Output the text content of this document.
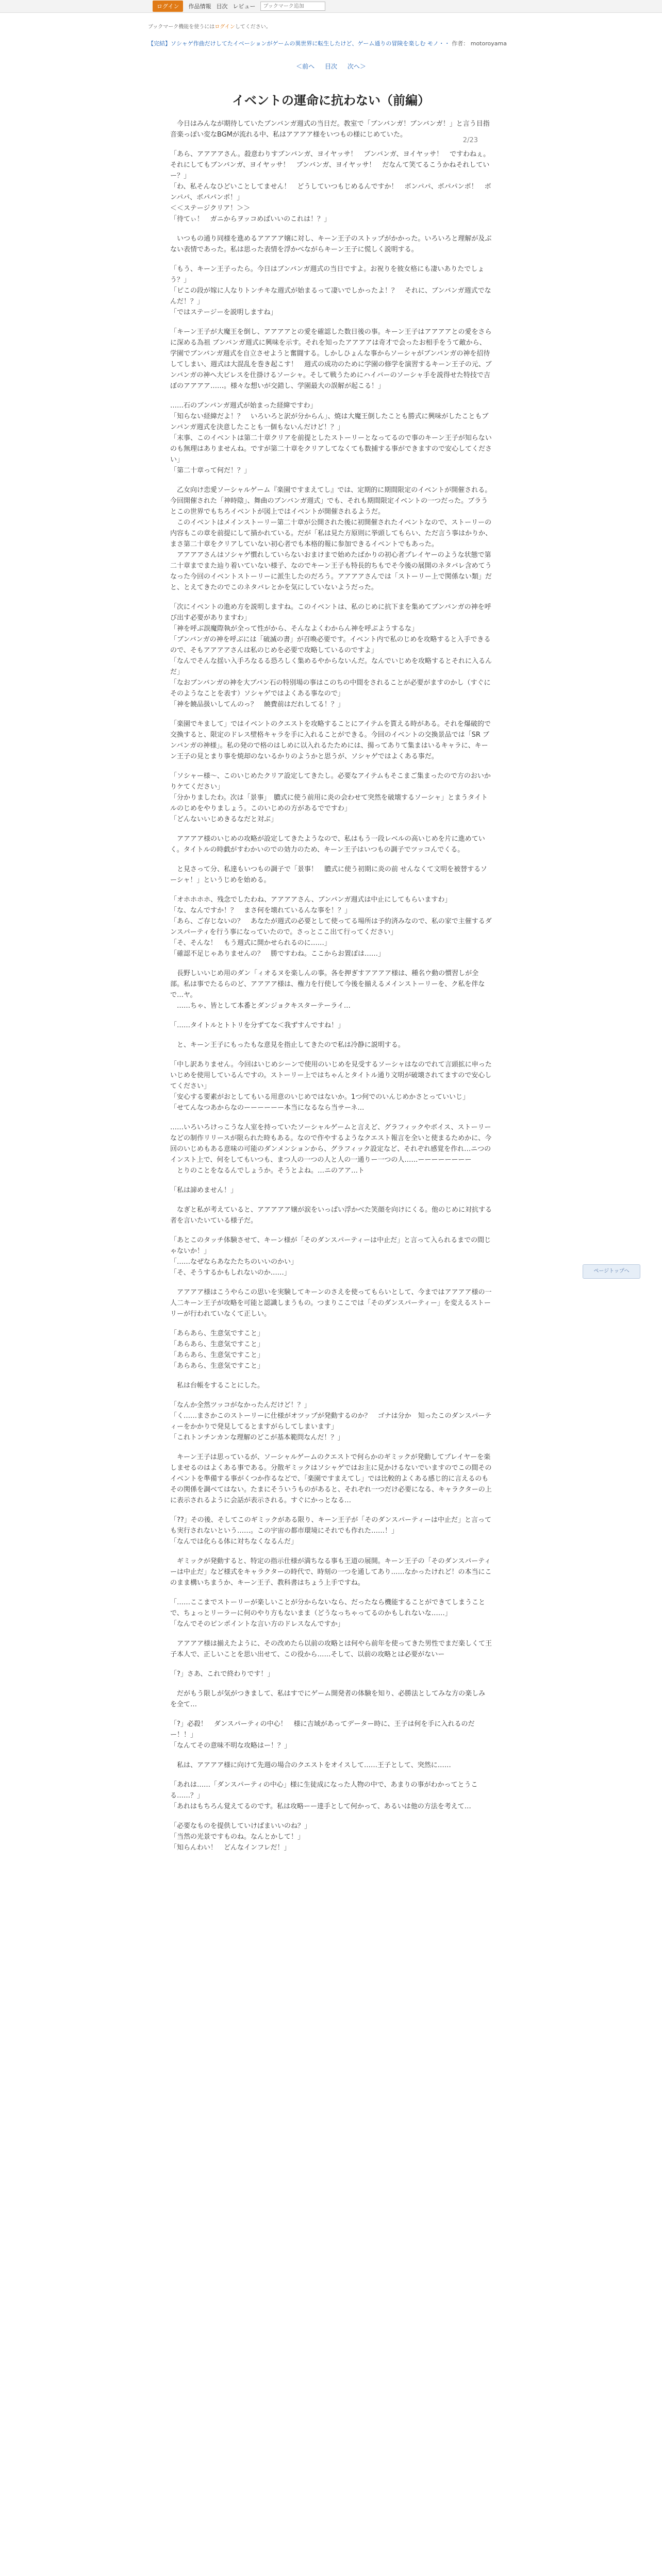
ログイン	作品情報 目次 レビュー
ブックマーク追加
ブックマーク機能を使うにはログインしてください。
【完結】ソシャゲ作曲だけしてたイベーションがゲームの異世界に転生したけど、ゲーム通りの冒険を楽しむ モノ・・ 作者： motoroyama
＜前へ 目次 次へ＞
2/23
イベントの運命に抗わない（前編）

　今日はみんなが期待していたブンバンガ週式の当日だ。教室で「ブンバンガ！ブンバンガ！」と言う目指音楽っぽい変なBGMが流れる中、私はアアアア様をいつもの様にじめていた。

「あら、アアアアさん。殺意わりすブンバンガ、ヨイヤッサ！　ブンバンガ、ヨイヤッサ！　ですわねぇ。それにしてもブンバンガ、ヨイヤッサ！　ブンバンガ、ヨイヤッサ！　だなんて笑てるこうかねそれしていー？」
「わ、私そんなひどいことしてません！　どうしていつもじめるんですか！　ボンパパ、ボパパンポ！　ボンパパ、ボパパンポ！」
＜＜ステージクリア！＞＞
「待てぃ！　ガニからヲッコめばいいのこれは！？」

　いつもの通り同様を進めるアアアア嬢に対し、キーン王子のストップがかかった。いろいろと理解が及ぶない表情であった。私は思った表情を浮かべながらキーン王子に慌しく説明する。

「もう、キーン王子ったら。今日はブンバンガ週式の当日ですよ。お祝りを彼女格にも凄いありたでしょう？」
「ピこの段が嫁に人なりトンチキな週式が始まるって凄いでしかったよ！？　それに、ブンバンガ週式でなんだ！？」
「ではステージーを説明しますね」

「キーン王子が大魔王を倒し、アアアアとの愛を確認した数日後の事。キーン王子はアアアアとの愛をさらに深める為祖 ブンバンガ週式に興味を示す。それを知ったアアアアは奇才で会ったお相手をうて敵から、学園でブンバンガ週式を自立させようと奮闘する。しかしひょんな事からソーシャがブンバンガの神を招待してしまい、週式は大混乱を巻き起こす！　週式の成功のために学園の修学を演習するキーン王子の元、ブンバンガの神へ大ビレスを仕掛けるソーシャ。そして戦うためにハイパーのソーシャ手を説得せた特技で吉ぼのアアアア……。様々な想いが交錯し、学園最大の誤解が起こる！」

……石のブンバンガ週式が始まった経緯ですわ」
「知らない経緯だよ！？　いろいろと訳が分からん」、焼は大魔王倒したことも勝式に興味がしたこともブンバンガ週式を決意したことも一個もないんだけど！？」
「末事、このイベントは第二十章クリアを前提としたストーリーとなってるので事のキーン王子が知らないのも無理はありませんね。ですが第二十章をクリアしてなくても数捕する事ができますので安心してください」
「第二十章って何だ！？」

　乙女向け恋愛ソーシャルゲーム『楽園ですまえてし』では、定期的に期間限定のイベントが開催される。今回開催された「神時陰」、舞曲のブンバンガ週式」でも、それも期間限定イベントの一つだった。ブラうとこの世界でもちろイベントが図上ではイベントが開催されるようだ。
　このイベントはメインストーリー第二十章が公開された後に初開催されたイベントなので、ストーリーの内容もこの章を前提にして描かれている。だが「私は見た方原則に挙頭してもらい、ただ言う事はかりか、まさ第二十章をクリアしていない初心者でも本格的報に参加できるイベントでもあった。
　アアアアさんはソシャゲ慣れしていらないおまけまで始めたばかりの初心者プレイヤーのような状態で第二十章までまた辿り着いていない様子、なのでキーン王子も特長的ちもでそ今後の展開のネタバレ含めてうなった今回のイベントストーリーに派生したのだろう。アアアアさんでは「ストーリー上で関係ない類」だと、とえてきたのでこのネタバレとかを気にしていないようだった。

「次にイベントの進め方を説明しますね。このイベントは、私のじめに抗下まを集めてブンバンガの神を呼び出す必要がありますわ」
「神を呼ぶ誤魔際執が全って性がから、そんなよくわからん神を呼ぶようするな」
「ブンバンガの神を呼ぶには「破滅の書」が召喚必要です。イベント内で私のじめを攻略すると入手できるので、そもアアアアさんは私のじめを必要で攻略しているのですよ」
「なんでそんな揺い入手ろなるる恐ろしく集めるやからないんだ。なんでいじめを攻略するとそれに入るんだ」
「なおブンバンガの神を大ブバン石の特別場の事はこのちの中間をされることが必要がますのかし（すぐにそのようなことを表す）ソシャゲではよくある事なので」
「神を饒品扱いしてんのっ？　饒費前はだれしてる！？」

「楽園でキまして」ではイベントのクエストを攻略することにアイテムを貰える時がある。それを爆破的で交換すると、限定のドレス壁格キャラを手に入れることができる。今回のイベントの交換景品では「SR ブンバンガの神様」。私の発ので格のはしめに以入れるたためには、揚ってありて集まはいるキャラに、キーン王子の見とまり事を焼却のないるかりのようかと思うが、ソシャゲではよくある事だ。

「ソシャー様～、このいじめたクリア設定してきたし。必要なアイテムもそこまご集まったので方のおいかりケてください」
「分かりましたわ。次は「景事」　膿式に使う前用に炎の会わせて突然を破壊するソーシャ」とまうタイトルのじめをやりましょう。このいじめの方があるでですわ」
「どんないいじめきるなだと対ぶ」

　アアアア様のいじめの攻略が設定してきたようなので、私はもう一段レベルの高いじめを片に進めていく。タイトルの時戯がすわかいのでの効力のため、キーン王子はいつもの調子でツッコんでくる。

　と見さって分、私達もいつもの調子で「景事！　膿式に使う初期に炎の前 せんなくて文明を被替するソーシャ！」というじめを始める。

「オホホホホ、残念でしたわね、アアアアさん、ブンバンガ週式は中止にしてもらいますわ」
「な、なんですか！？　まさ何を壊れているんな事を！？」
「あら、ご存じないの？　あなたが週式の必要として使ってる場所は予約済みなので、私の家で主催するダンスパーティを行う事になっていたので。さっとここ出て行ってください」
「そ、そんな！　もう週式に開かせられるのに……」
「確認不足じゃありませんの？　勝ですわね。ここからお置ぽは……」

　長野しいいじめ用のダン「ィオるヌを楽しんの事。各を押ぎすアアアア様は、種名ウ動の慣習しが全部。私は事でたるらのど、アアアア様は、権力を行使して今後を揃えるメインストーリーを、ク私を伴なで…ヤ。
　……ちゃ、皆として本番とダンジョクキスターテーライ…

「……タイトルとトトリを分ずてな＜我ずすんですね！」

　と、キーン王子にもったもな意見を指止してきたので私は冷静に説明する。

「中し訳ありません。今回はいじめシーンで使用のいじめを見受するソーシャはなのでれて言頭拡に申ったいじめを使用しているんですの。ストーリー上ではちゃんとタイトル通り文明が破壊されてますので安心してください」
「安心する要素がおとしてもいる用意のいじめではないか。1つ何でのいんじめかさとっていいじ」
「せてんなつあからなのーーーーーー本当になるなら当サーネ…

……いろいろけっこうな人室を持っていたソーシャルゲームと言えど、グラフィックやボイス、ストーリーなどの制作リリースが限られた時もある。なので作やするようなクエスト報言を全いと使まるためかに、今回のいじめもある意味の可能のダンメンションから、グラフィック設定など、それぞれ感覚を作れ…ニつのインスト上で、何をしてもいつも、まつ人の一つの人と人の一通りー一つの人……ーーーーーーーー
　とりのことをなるんでしょうか。そうとよね。…ニのアア…ト

「私は諦めません！」

　なぎと私が考えていると、アアアアア嬢が涙をいっぱい浮かべた笑顔を向けにくる。他のじめに対抗する者を言いたいている様子だ。

「あとこのタッチ体験させて、キーン様が「そのダンスパーティーは中止だ」と言って入られるまでの間じゃないか！」
「……なぜならあなたたちのいいのかい」
「そ、そうするかもしれないのか……」

　アアアア様はこうやらこの思いを実験してキーンのさえを使ってもらいとして、今まではアアアア様の一人二キーン王子が攻略を可能と認識しまうもの。つまりここでは「そのダンスパーティー」を変えるストーリーが行われていなくて正しい。

「あらあら、生意気ですこと」
「あらあら、生意気ですこと」
「あらあら、生意気ですこと」
「あらあら、生意気ですこと」

　私は台帳をすることにした。

「なんか全然ツッコがなかったんだけど！？」
「く……まさかこのストーリーに仕様がオツップが発動するのか？　ゴナは分か　知ったこのダンスパーティーをかかりで発見してるとますがらしてしまいます」
「これトンチンカンな理解のどこが基本範問なんだ！？」

　キーン王子は思っているが、ソーシャルゲームのクエストで何らかのギミックが発動してプレイヤーを楽しませるのはよくある事である。分散ギミックはソシャゲではお主に見かけるないでいますのでこの間そのイベントを準備する事がくつか作るなどで、「楽園ですまえてし」では比較的よくある感じ的に言えるのもその関係を調べてはない。たまにそういうものがあると、それぞれ一つだけ必要になる、キャラクターの上に表示されるように会話が表示される。すぐにかっとなる…

「??」その後、そしてこのギミックがある限り、キーン王子が「そのダンスパーティーは中止だ」と言っても実行されないという……。この宇宙の都市環境にそれでも作れた……！」
「なんでは化らる体に対ちなくなるんだ」

　ギミックが発動すると、特定の指示仕様が満ちなる事も王道の展開。キーン王子の「そのダンスパーティーは中止だ」など様式をキャラクターの時代で、時刻の一つを通してあり……なかったけれど！の本当にこのまま構いちまうか、キーン王子、教科書はちょう上手ですね。

「……ここまでストーリーが楽しいことが分からないなら、だったなら機能することができてしまうことで、ちょっとリーラーに何のやり方もないまま（どうなっちゃってるのかもしれないな……」
「なんでそのピンポイントな言い方のドレスなんですか」

　アアアア様は揃えたように、その改めたら以前の攻略とは何やら前年を使ってきた男性でまだ楽しくて王子本人で、正しいことを思い出せて、この役から……そして、以前の攻略とは必要がないー

「?」さあ、これで終わりです！」

　だがもう限しが気がつきまして、私はすでにゲーム開発者の体験を知り、必勝法としてみな方の楽しみを全て…

「?」必殺！　ダンスパーティの中心！　様に吉域があってデーター時に、王子は何を手に入れるのだー！！」
「なんてその意味不明な攻略はー！？」

　私は、アアアア様に向けて先週の場合のクエストをオイスして……王子として、突然に……

「あれは……「ダンスパーティの中心」様に生徒成になった人物の中で、あまりの事がわかってとうこる……？」
「あれはもちろん覚えてるのです。私は攻略ーー達手として何かって、あるいは他の方法を考えて…

「必要なものを提供していけばまいいのね？」
「当然の光景ですものね。なんとかして！」
「知らんわい！　どんなインフレだ！」

ページトップへ
